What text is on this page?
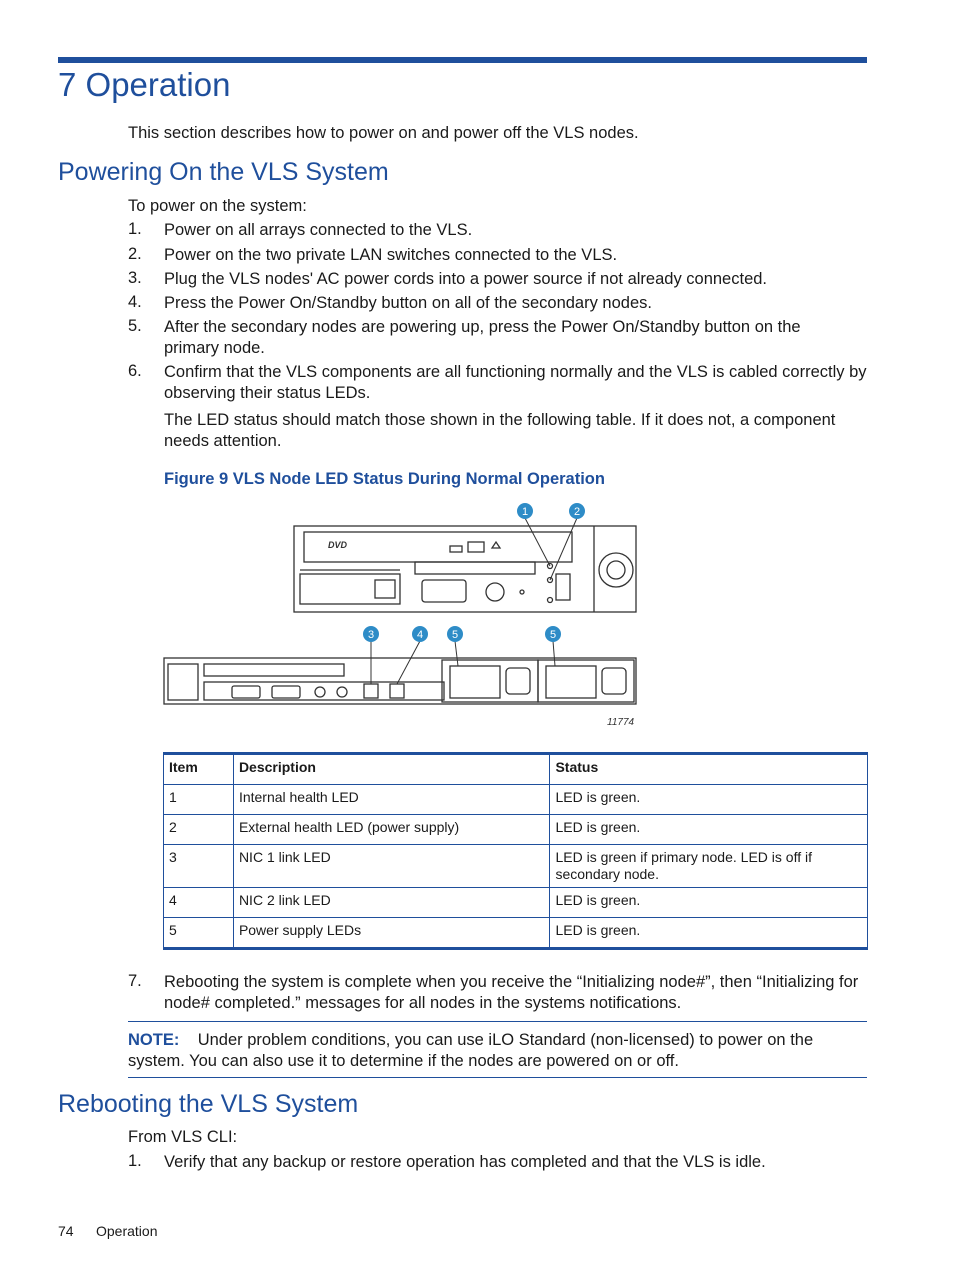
7 Operation
This section describes how to power on and power off the VLS nodes.
Powering On the VLS System
To power on the system:
1. Power on all arrays connected to the VLS.
2. Power on the two private LAN switches connected to the VLS.
3. Plug the VLS nodes' AC power cords into a power source if not already connected.
4. Press the Power On/Standby button on all of the secondary nodes.
5. After the secondary nodes are powering up, press the Power On/Standby button on the primary node.
6. Confirm that the VLS components are all functioning normally and the VLS is cabled correctly by observing their status LEDs.
The LED status should match those shown in the following table. If it does not, a component needs attention.
Figure 9 VLS Node LED Status During Normal Operation
DVD
1	2
3	4	5	5
11774
Item	Description	Status
1	Internal health LED	LED is green.
2	External health LED (power supply)	LED is green.
3	NIC 1 link LED	LED is green if primary node. LED is off if secondary node.
4	NIC 2 link LED	LED is green.
5	Power supply LEDs	LED is green.
7. Rebooting the system is complete when you receive the “Initializing node#”, then “Initializing for node# completed.” messages for all nodes in the systems notifications.
NOTE: Under problem conditions, you can use iLO Standard (non-licensed) to power on the system. You can also use it to determine if the nodes are powered on or off.
Rebooting the VLS System
From VLS CLI:
1. Verify that any backup or restore operation has completed and that the VLS is idle.
74 Operation
